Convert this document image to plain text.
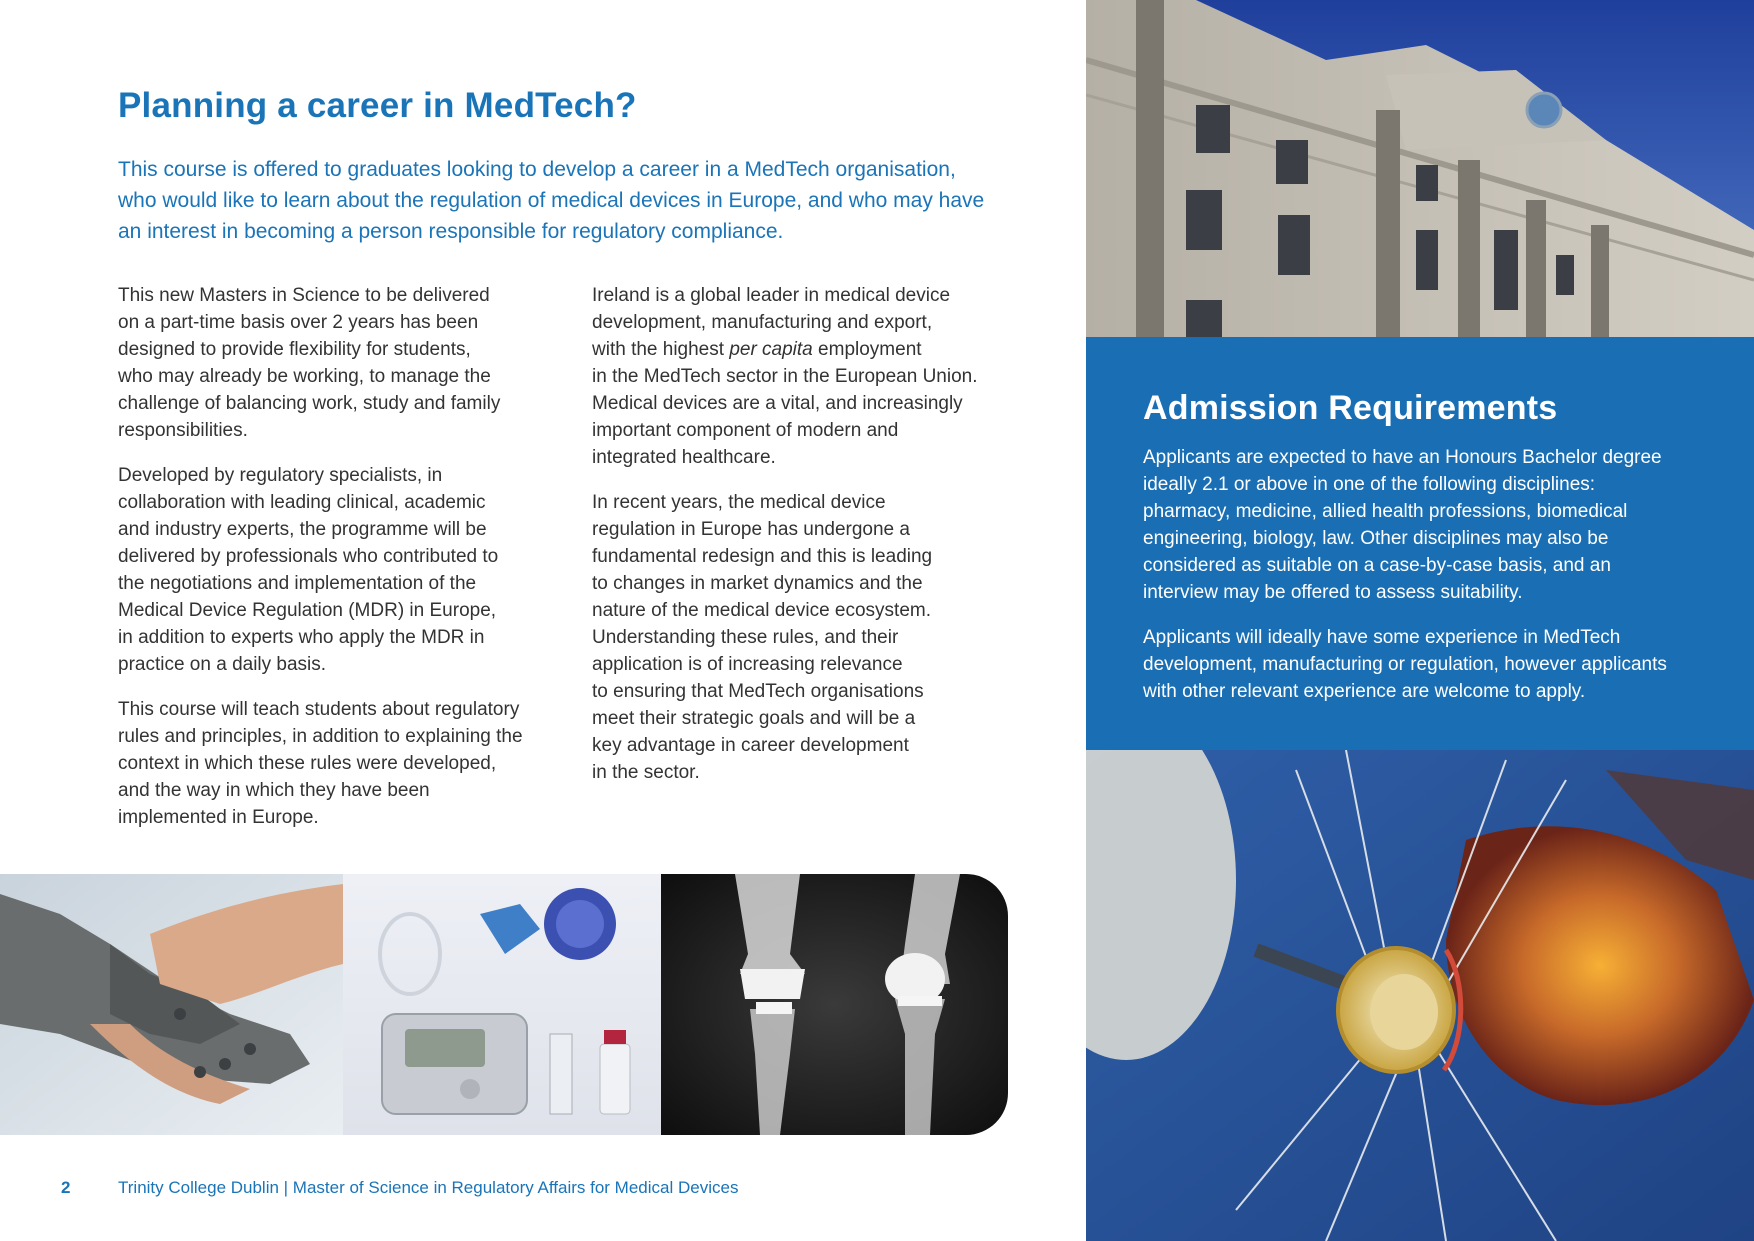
Planning a career in MedTech?

This course is offered to graduates looking to develop a career in a MedTech organisation, who would like to learn about the regulation of medical devices in Europe, and who may have an interest in becoming a person responsible for regulatory compliance.

This new Masters in Science to be delivered
on a part-time basis over 2 years has been
designed to provide flexibility for students,
who may already be working, to manage the
challenge of balancing work, study and family
responsibilities.

Developed by regulatory specialists, in
collaboration with leading clinical, academic
and industry experts, the programme will be
delivered by professionals who contributed to
the negotiations and implementation of the
Medical Device Regulation (MDR) in Europe,
in addition to experts who apply the MDR in
practice on a daily basis.

This course will teach students about regulatory
rules and principles, in addition to explaining the
context in which these rules were developed,
and the way in which they have been
implemented in Europe.

Ireland is a global leader in medical device
development, manufacturing and export,
with the highest per capita employment
in the MedTech sector in the European Union.
Medical devices are a vital, and increasingly
important component of modern and
integrated healthcare.

In recent years, the medical device
regulation in Europe has undergone a
fundamental redesign and this is leading
to changes in market dynamics and the
nature of the medical device ecosystem.
Understanding these rules, and their
application is of increasing relevance
to ensuring that MedTech organisations
meet their strategic goals and will be a
key advantage in career development
in the sector.

2	Trinity College Dublin | Master of Science in Regulatory Affairs for Medical Devices
Admission Requirements

Applicants are expected to have an Honours Bachelor degree
ideally 2.1 or above in one of the following disciplines:
pharmacy, medicine, allied health professions, biomedical
engineering, biology, law. Other disciplines may also be
considered as suitable on a case-by-case basis, and an
interview may be offered to assess suitability.

Applicants will ideally have some experience in MedTech
development, manufacturing or regulation, however applicants
with other relevant experience are welcome to apply.
